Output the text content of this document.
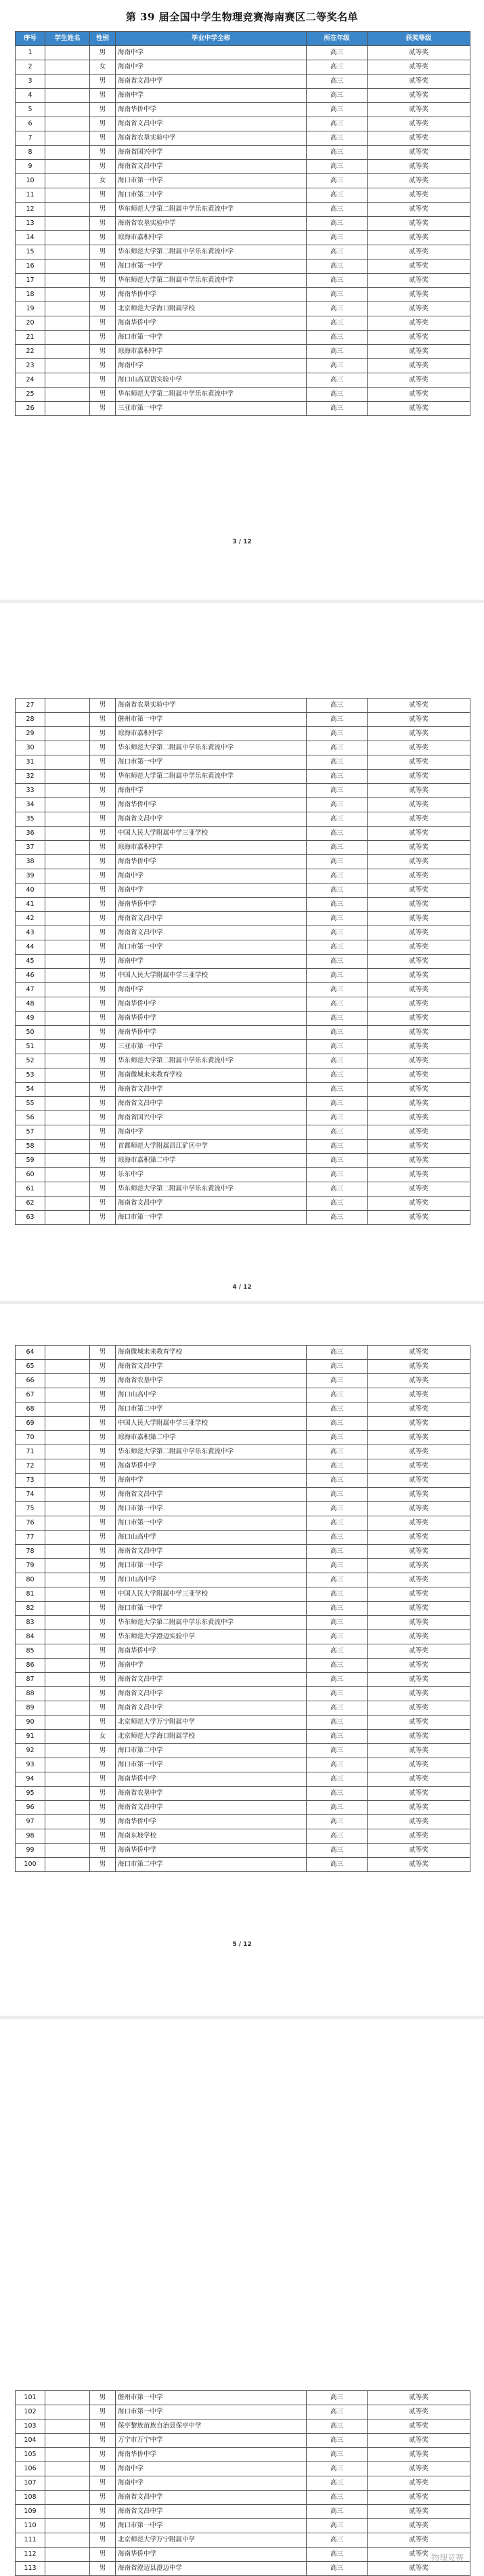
第 39 届全国中学生物理竞赛海南赛区二等奖名单
序号	学生姓名	性别	毕业中学全称	所在年级	获奖等级
1		男	海南中学	高三	贰等奖
2		女	海南中学	高三	贰等奖
3		男	海南省文昌中学	高三	贰等奖
4		男	海南中学	高三	贰等奖
5		男	海南华侨中学	高三	贰等奖
6		男	海南省文昌中学	高三	贰等奖
7		男	海南省农垦实验中学	高三	贰等奖
8		男	海南省国兴中学	高三	贰等奖
9		男	海南省文昌中学	高三	贰等奖
10		女	海口市第一中学	高三	贰等奖
11		男	海口市第二中学	高三	贰等奖
12		男	华东师范大学第二附属中学乐东黄流中学	高三	贰等奖
13		男	海南省农垦实验中学	高三	贰等奖
14		男	琼海市嘉积中学	高三	贰等奖
15		男	华东师范大学第二附属中学乐东黄流中学	高三	贰等奖
16		男	海口市第一中学	高三	贰等奖
17		男	华东师范大学第二附属中学乐东黄流中学	高三	贰等奖
18		男	海南华侨中学	高三	贰等奖
19		男	北京师范大学海口附属学校	高三	贰等奖
20		男	海南华侨中学	高三	贰等奖
21		男	海口市第一中学	高三	贰等奖
22		男	琼海市嘉积中学	高三	贰等奖
23		男	海南中学	高三	贰等奖
24		男	海口山高双语实验中学	高三	贰等奖
25		男	华东师范大学第二附属中学乐东黄流中学	高三	贰等奖
26		男	三亚市第一中学	高三	贰等奖
3 / 12
27		男	海南省农垦实验中学	高三	贰等奖
28		男	儋州市第一中学	高三	贰等奖
29		男	琼海市嘉积中学	高三	贰等奖
30		男	华东师范大学第二附属中学乐东黄流中学	高三	贰等奖
31		男	海口市第一中学	高三	贰等奖
32		男	华东师范大学第二附属中学乐东黄流中学	高三	贰等奖
33		男	海南中学	高三	贰等奖
34		男	海南华侨中学	高三	贰等奖
35		男	海南省文昌中学	高三	贰等奖
36		男	中国人民大学附属中学三亚学校	高三	贰等奖
37		男	琼海市嘉积中学	高三	贰等奖
38		男	海南华侨中学	高三	贰等奖
39		男	海南中学	高三	贰等奖
40		男	海南中学	高三	贰等奖
41		男	海南华侨中学	高三	贰等奖
42		男	海南省文昌中学	高三	贰等奖
43		男	海南省文昌中学	高三	贰等奖
44		男	海口市第一中学	高三	贰等奖
45		男	海南中学	高三	贰等奖
46		男	中国人民大学附属中学三亚学校	高三	贰等奖
47		男	海南中学	高三	贰等奖
48		男	海南华侨中学	高三	贰等奖
49		男	海南华侨中学	高三	贰等奖
50		男	海南华侨中学	高三	贰等奖
51		男	三亚市第一中学	高三	贰等奖
52		男	华东师范大学第二附属中学乐东黄流中学	高三	贰等奖
53		男	海南微城未来教育学校	高三	贰等奖
54		男	海南省文昌中学	高三	贰等奖
55		男	海南省文昌中学	高三	贰等奖
56		男	海南省国兴中学	高三	贰等奖
57		男	海南中学	高三	贰等奖
58		男	首都师范大学附属昌江矿区中学	高三	贰等奖
59		男	琼海市嘉积第二中学	高三	贰等奖
60		男	乐东中学	高三	贰等奖
61		男	华东师范大学第二附属中学乐东黄流中学	高三	贰等奖
62		男	海南省文昌中学	高三	贰等奖
63		男	海口市第一中学	高三	贰等奖
4 / 12
64		男	海南微城未来教育学校	高三	贰等奖
65		男	海南省文昌中学	高三	贰等奖
66		男	海南省农垦中学	高三	贰等奖
67		男	海口山高中学	高三	贰等奖
68		男	海口市第二中学	高三	贰等奖
69		男	中国人民大学附属中学三亚学校	高三	贰等奖
70		男	琼海市嘉积第二中学	高三	贰等奖
71		男	华东师范大学第二附属中学乐东黄流中学	高三	贰等奖
72		男	海南华侨中学	高三	贰等奖
73		男	海南中学	高三	贰等奖
74		男	海南省文昌中学	高三	贰等奖
75		男	海口市第一中学	高三	贰等奖
76		男	海口市第一中学	高三	贰等奖
77		男	海口山高中学	高三	贰等奖
78		男	海南省文昌中学	高三	贰等奖
79		男	海口市第一中学	高三	贰等奖
80		男	海口山高中学	高三	贰等奖
81		男	中国人民大学附属中学三亚学校	高三	贰等奖
82		男	海口市第一中学	高三	贰等奖
83		男	华东师范大学第二附属中学乐东黄流中学	高三	贰等奖
84		男	华东师范大学澄迈实验中学	高三	贰等奖
85		男	海南华侨中学	高三	贰等奖
86		男	海南中学	高三	贰等奖
87		男	海南省文昌中学	高三	贰等奖
88		男	海南省文昌中学	高三	贰等奖
89		男	海南省文昌中学	高三	贰等奖
90		男	北京师范大学万宁附属中学	高三	贰等奖
91		女	北京师范大学海口附属学校	高三	贰等奖
92		男	海口市第二中学	高三	贰等奖
93		男	海口市第一中学	高三	贰等奖
94		男	海南华侨中学	高三	贰等奖
95		男	海南省农垦中学	高三	贰等奖
96		男	海南省文昌中学	高三	贰等奖
97		男	海南华侨中学	高三	贰等奖
98		男	海南东坡学校	高三	贰等奖
99		男	海南华侨中学	高三	贰等奖
100		男	海口市第二中学	高三	贰等奖
5 / 12
101		男	儋州市第一中学	高三	贰等奖
102		男	海口市第一中学	高三	贰等奖
103		男	保亭黎族苗族自治县保亭中学	高三	贰等奖
104		男	万宁市万宁中学	高三	贰等奖
105		男	海南华侨中学	高三	贰等奖
106		男	海南中学	高三	贰等奖
107		男	海南中学	高三	贰等奖
108		男	海南省文昌中学	高三	贰等奖
109		男	海南省文昌中学	高三	贰等奖
110		男	海口市第一中学	高三	贰等奖
111		男	北京师范大学万宁附属中学	高三	贰等奖
112		男	海南华侨中学	高三	贰等奖
113		男	海南省澄迈县澄迈中学	高三	贰等奖
物理竞赛
